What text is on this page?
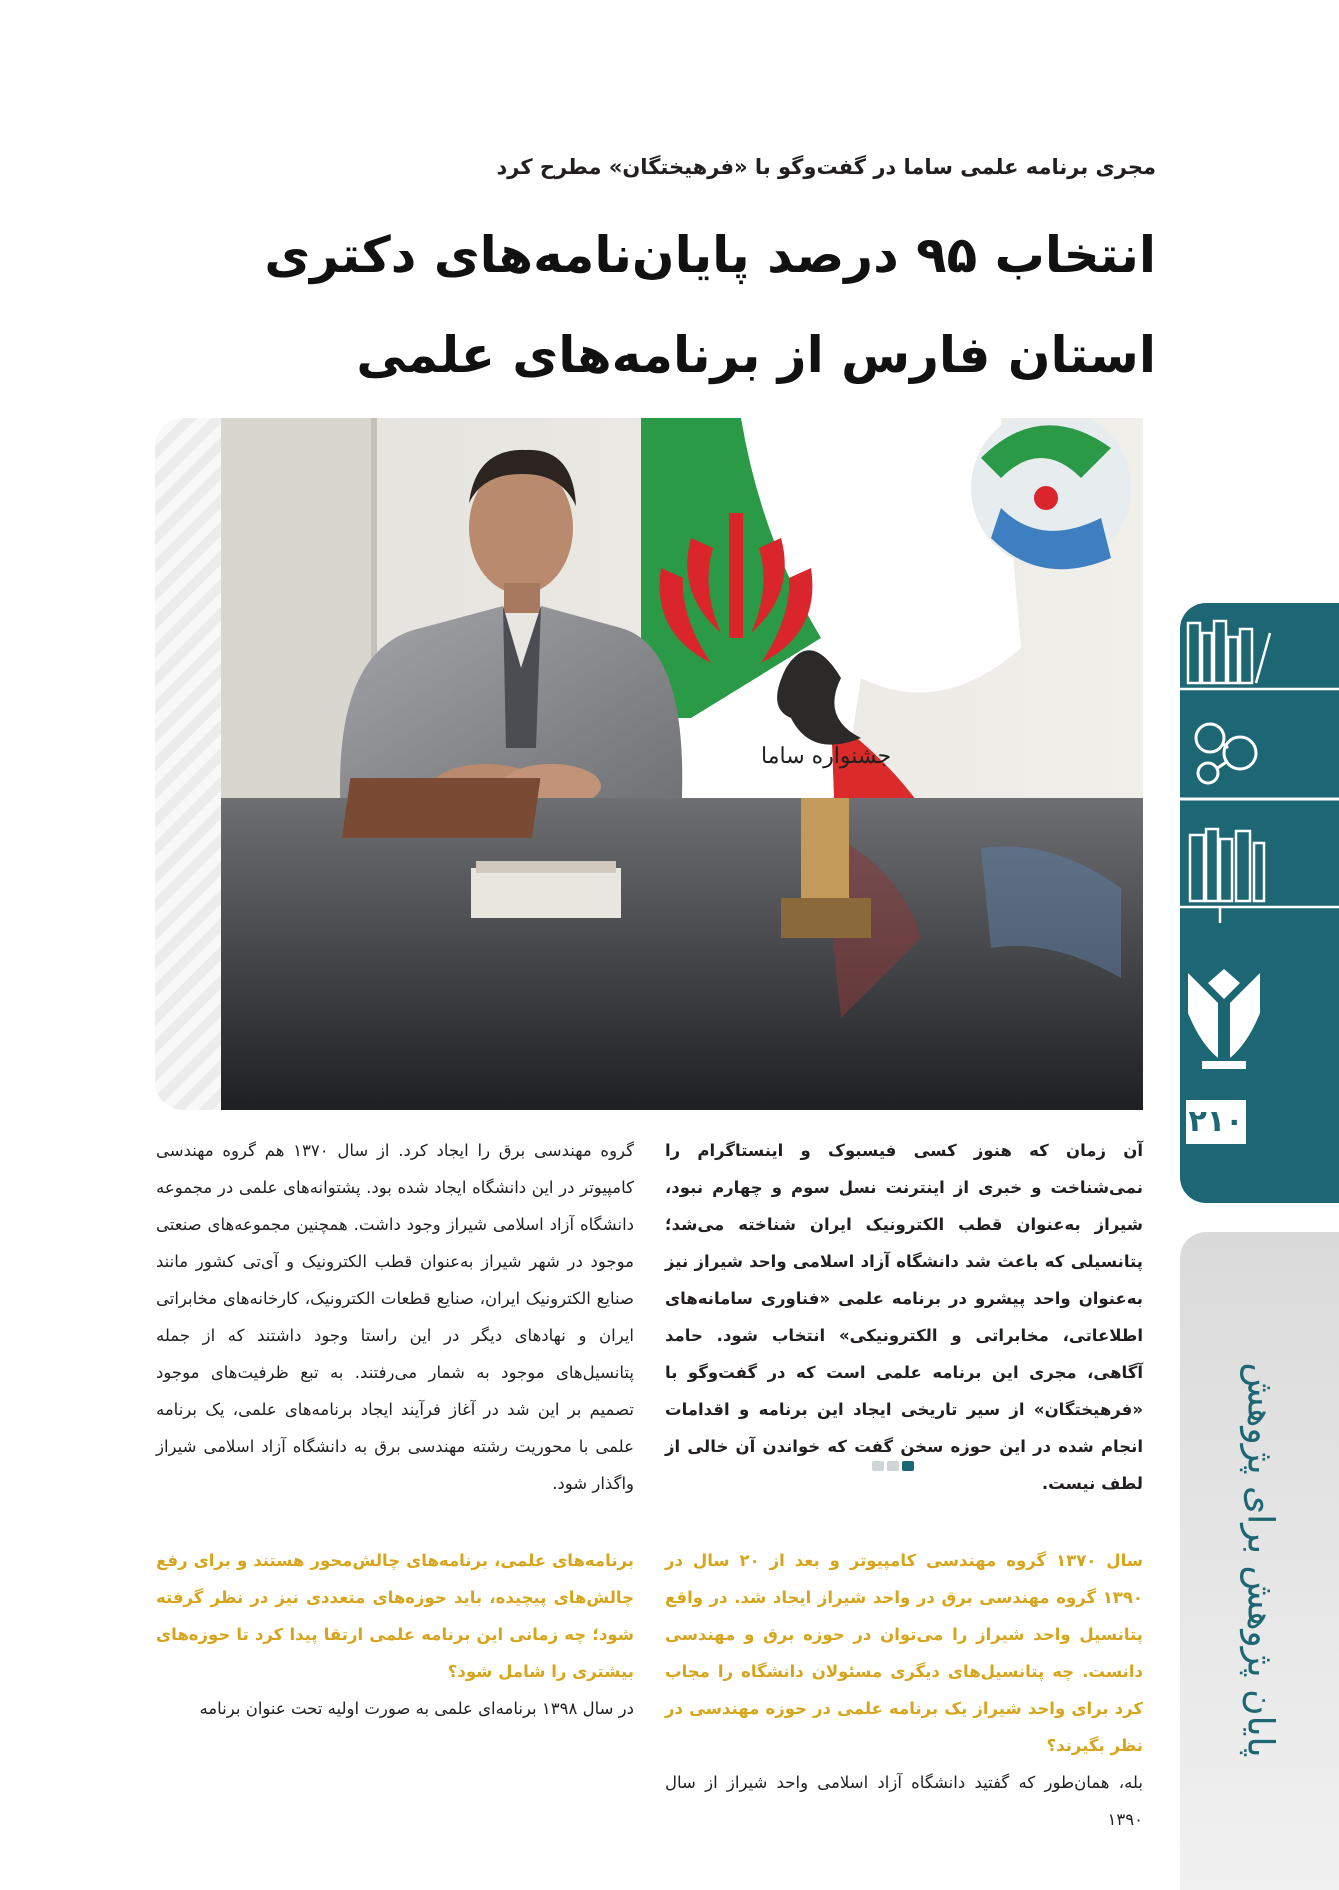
مجری برنامه علمی ساما در گفت‌وگو با «فرهیختگان» مطرح کرد
انتخاب ۹۵ درصد پایان‌نامه‌های دکتری
استان فارس از برنامه‌های علمی
جشنواره ساما
۲۱۰
پایان پژوهش برای پژوهش

آن زمان که هنوز کسی فیسبوک و اینستاگرام را نمی‌شناخت و خبری از اینترنت نسل سوم و چهارم نبود، شیراز به‌عنوان قطب الکترونیک ایران شناخته می‌شد؛ پتانسیلی که باعث شد دانشگاه آزاد اسلامی واحد شیراز نیز به‌عنوان واحد پیشرو در برنامه علمی «فناوری سامانه‌های اطلاعاتی، مخابراتی و الکترونیکی» انتخاب شود. حامد آگاهی، مجری این برنامه علمی است که در گفت‌وگو با «فرهیختگان» از سیر تاریخی ایجاد این برنامه و اقدامات انجام شده در این حوزه سخن گفت که خواندن آن خالی از لطف نیست.

سال ۱۳۷۰ گروه مهندسی کامپیوتر و بعد از ۲۰ سال در ۱۳۹۰ گروه مهندسی برق در واحد شیراز ایجاد شد. در واقع پتانسیل واحد شیراز را می‌توان در حوزه برق و مهندسی دانست. چه پتانسیل‌های دیگری مسئولان دانشگاه را مجاب کرد برای واحد شیراز یک برنامه علمی در حوزه مهندسی در نظر بگیرند؟

بله، همان‌طور که گفتید دانشگاه آزاد اسلامی واحد شیراز از سال ۱۳۹۰

گروه مهندسی برق را ایجاد کرد. از سال ۱۳۷۰ هم گروه مهندسی کامپیوتر در این دانشگاه ایجاد شده بود. پشتوانه‌های علمی در مجموعه دانشگاه آزاد اسلامی شیراز وجود داشت. همچنین مجموعه‌های صنعتی موجود در شهر شیراز به‌عنوان قطب الکترونیک و آی‌تی کشور مانند صنایع الکترونیک ایران، صنایع قطعات الکترونیک، کارخانه‌های مخابراتی ایران و نهادهای دیگر در این راستا وجود داشتند که از جمله پتانسیل‌های موجود به شمار می‌رفتند. به تبع ظرفیت‌های موجود تصمیم بر این شد در آغاز فرآیند ایجاد برنامه‌های علمی، یک برنامه علمی با محوریت رشته مهندسی برق به دانشگاه آزاد اسلامی شیراز واگذار شود.

برنامه‌های علمی، برنامه‌های چالش‌محور هستند و برای رفع چالش‌های پیچیده، باید حوزه‌های متعددی نیز در نظر گرفته شود؛ چه زمانی این برنامه علمی ارتقا پیدا کرد تا حوزه‌های بیشتری را شامل شود؟

در سال ۱۳۹۸ برنامه‌ای علمی به صورت اولیه تحت عنوان برنامه
